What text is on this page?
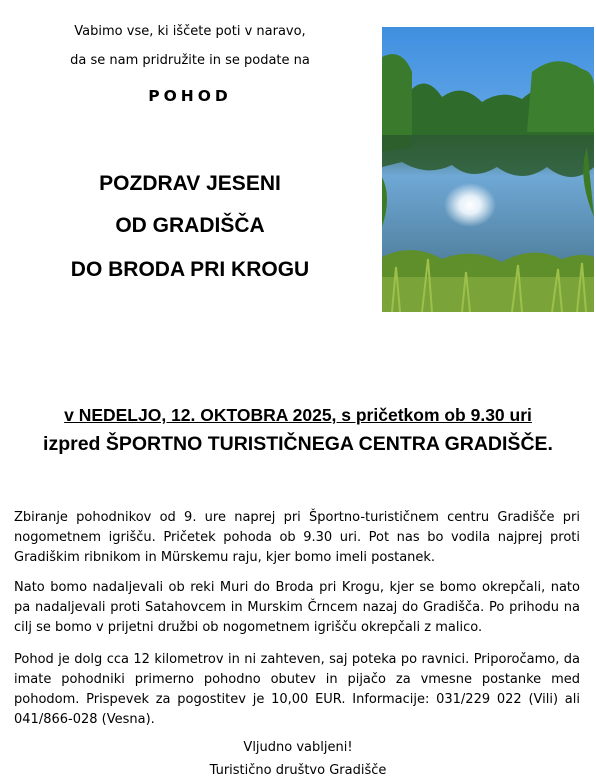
Vabimo vse, ki iščete poti v naravo,
da se nam pridružite in se podate na
POHOD
POZDRAV JESENI
OD GRADIŠČA
DO BRODA PRI KROGU
v NEDELJO, 12. OKTOBRA 2025, s pričetkom ob 9.30 uri
izpred ŠPORTNO TURISTIČNEGA CENTRA GRADIŠČE.

Zbiranje pohodnikov od 9. ure naprej pri Športno-turističnem centru Gradišče pri nogometnem igrišču. Pričetek pohoda ob 9.30 uri. Pot nas bo vodila najprej proti Gradiškim ribnikom in Mürskemu raju, kjer bomo imeli postanek.

Nato bomo nadaljevali ob reki Muri do Broda pri Krogu, kjer se bomo okrepčali, nato pa nadaljevali proti Satahovcem in Murskim Črncem nazaj do Gradišča. Po prihodu na cilj se bomo v prijetni družbi ob nogometnem igrišču okrepčali z malico.

Pohod je dolg cca 12 kilometrov in ni zahteven, saj poteka po ravnici. Priporočamo, da imate pohodniki primerno pohodno obutev in pijačo za vmesne postanke med pohodom. Prispevek za pogostitev je 10,00 EUR. Informacije: 031/229 022 (Vili) ali 041/866-028 (Vesna).

Vljudno vabljeni!
Turistično društvo Gradišče
